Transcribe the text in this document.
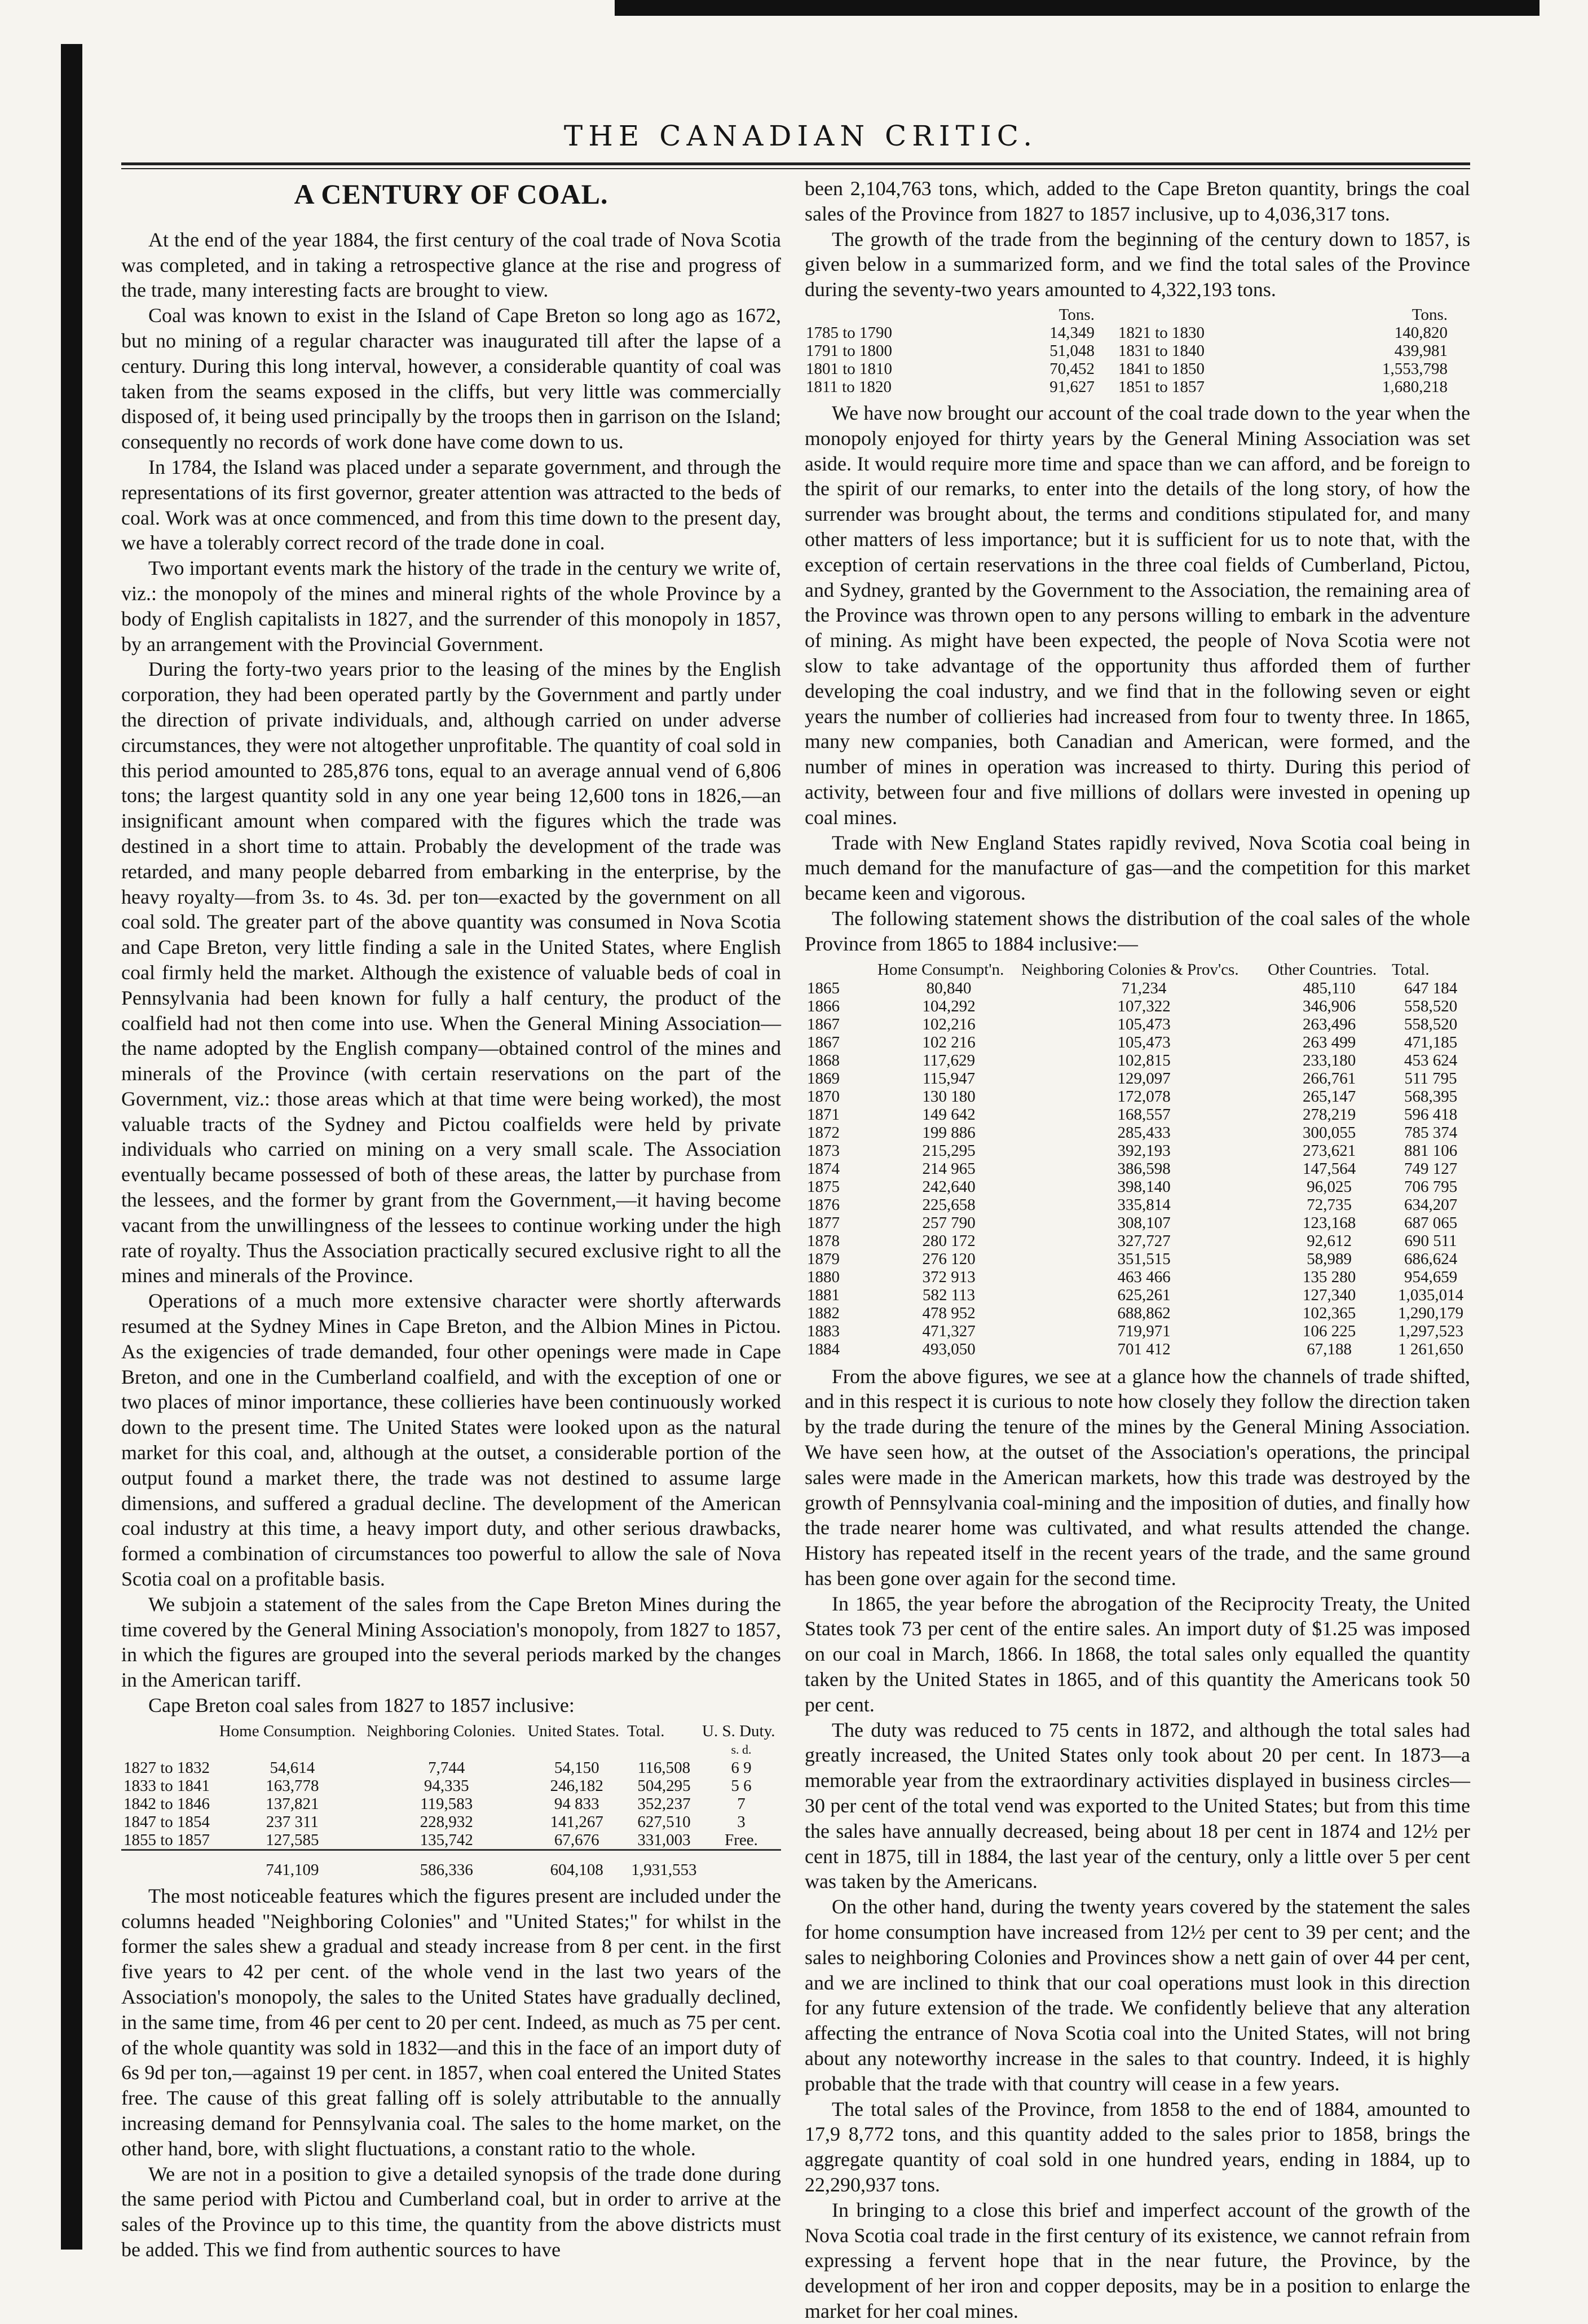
THE CANADIAN CRITIC.
A CENTURY OF COAL.

At the end of the year 1884, the first century of the coal trade of Nova Scotia was completed, and in taking a retrospective glance at the rise and progress of the trade, many interesting facts are brought to view.

Coal was known to exist in the Island of Cape Breton so long ago as 1672, but no mining of a regular character was inaugurated till after the lapse of a century. During this long interval, however, a considerable quantity of coal was taken from the seams exposed in the cliffs, but very little was commercially disposed of, it being used principally by the troops then in garrison on the Island; consequently no records of work done have come down to us.

In 1784, the Island was placed under a separate government, and through the representations of its first governor, greater attention was attracted to the beds of coal. Work was at once commenced, and from this time down to the present day, we have a tolerably correct record of the trade done in coal.

Two important events mark the history of the trade in the century we write of, viz.: the monopoly of the mines and mineral rights of the whole Province by a body of English capitalists in 1827, and the surrender of this monopoly in 1857, by an arrangement with the Provincial Government.

During the forty-two years prior to the leasing of the mines by the English corporation, they had been operated partly by the Government and partly under the direction of private individuals, and, although carried on under adverse circumstances, they were not altogether unprofitable. The quantity of coal sold in this period amounted to 285,876 tons, equal to an average annual vend of 6,806 tons; the largest quantity sold in any one year being 12,600 tons in 1826,—an insignificant amount when compared with the figures which the trade was destined in a short time to attain. Probably the development of the trade was retarded, and many people debarred from embarking in the enterprise, by the heavy royalty—from 3s. to 4s. 3d. per ton—exacted by the government on all coal sold. The greater part of the above quantity was consumed in Nova Scotia and Cape Breton, very little finding a sale in the United States, where English coal firmly held the market. Although the existence of valuable beds of coal in Pennsylvania had been known for fully a half century, the product of the coalfield had not then come into use. When the General Mining Association—the name adopted by the English company—obtained control of the mines and minerals of the Province (with certain reservations on the part of the Government, viz.: those areas which at that time were being worked), the most valuable tracts of the Sydney and Pictou coalfields were held by private individuals who carried on mining on a very small scale. The Association eventually became possessed of both of these areas, the latter by purchase from the lessees, and the former by grant from the Government,—it having become vacant from the unwillingness of the lessees to continue working under the high rate of royalty. Thus the Association practically secured exclusive right to all the mines and minerals of the Province.

Operations of a much more extensive character were shortly afterwards resumed at the Sydney Mines in Cape Breton, and the Albion Mines in Pictou. As the exigencies of trade demanded, four other openings were made in Cape Breton, and one in the Cumberland coalfield, and with the exception of one or two places of minor importance, these collieries have been continuously worked down to the present time. The United States were looked upon as the natural market for this coal, and, although at the outset, a considerable portion of the output found a market there, the trade was not destined to assume large dimensions, and suffered a gradual decline. The development of the American coal industry at this time, a heavy import duty, and other serious drawbacks, formed a combination of circumstances too powerful to allow the sale of Nova Scotia coal on a profitable basis.

We subjoin a statement of the sales from the Cape Breton Mines during the time covered by the General Mining Association's monopoly, from 1827 to 1857, in which the figures are grouped into the several periods marked by the changes in the American tariff.

Cape Breton coal sales from 1827 to 1857 inclusive:

	Home Consumption.	Neighboring Colonies.	United States.	Total.	U. S. Duty.
					s. d.
1827 to 1832	54,614	7,744	54,150	116,508	6 9
1833 to 1841	163,778	94,335	246,182	504,295	5 6
1842 to 1846	137,821	119,583	94 833	352,237	7
1847 to 1854	237 311	228,932	141,267	627,510	3
1855 to 1857	127,585	135,742	67,676	331,003	Free.
	741,109	586,336	604,108	1,931,553	

The most noticeable features which the figures present are included under the columns headed "Neighboring Colonies" and "United States;" for whilst in the former the sales shew a gradual and steady increase from 8 per cent. in the first five years to 42 per cent. of the whole vend in the last two years of the Association's monopoly, the sales to the United States have gradually declined, in the same time, from 46 per cent to 20 per cent. Indeed, as much as 75 per cent. of the whole quantity was sold in 1832—and this in the face of an import duty of 6s 9d per ton,—against 19 per cent. in 1857, when coal entered the United States free. The cause of this great falling off is solely attributable to the annually increasing demand for Pennsylvania coal. The sales to the home market, on the other hand, bore, with slight fluctuations, a constant ratio to the whole.

We are not in a position to give a detailed synopsis of the trade done during the same period with Pictou and Cumberland coal, but in order to arrive at the sales of the Province up to this time, the quantity from the above districts must be added. This we find from authentic sources to have

been 2,104,763 tons, which, added to the Cape Breton quantity, brings the coal sales of the Province from 1827 to 1857 inclusive, up to 4,036,317 tons.

The growth of the trade from the beginning of the century down to 1857, is given below in a summarized form, and we find the total sales of the Province during the seventy-two years amounted to 4,322,193 tons.

	Tons.		Tons.
1785 to 1790	14,349	1821 to 1830	140,820
1791 to 1800	51,048	1831 to 1840	439,981
1801 to 1810	70,452	1841 to 1850	1,553,798
1811 to 1820	91,627	1851 to 1857	1,680,218

We have now brought our account of the coal trade down to the year when the monopoly enjoyed for thirty years by the General Mining Association was set aside. It would require more time and space than we can afford, and be foreign to the spirit of our remarks, to enter into the details of the long story, of how the surrender was brought about, the terms and conditions stipulated for, and many other matters of less importance; but it is sufficient for us to note that, with the exception of certain reservations in the three coal fields of Cumberland, Pictou, and Sydney, granted by the Government to the Association, the remaining area of the Province was thrown open to any persons willing to embark in the adventure of mining. As might have been expected, the people of Nova Scotia were not slow to take advantage of the opportunity thus afforded them of further developing the coal industry, and we find that in the following seven or eight years the number of collieries had increased from four to twenty three. In 1865, many new companies, both Canadian and American, were formed, and the number of mines in operation was increased to thirty. During this period of activity, between four and five millions of dollars were invested in opening up coal mines.

Trade with New England States rapidly revived, Nova Scotia coal being in much demand for the manufacture of gas—and the competition for this market became keen and vigorous.

The following statement shows the distribution of the coal sales of the whole Province from 1865 to 1884 inclusive:—

	Home Consumpt'n.	Neighboring Colonies & Prov'cs.	Other Countries.	Total.
1865	80,840	71,234	485,110	647 184
1866	104,292	107,322	346,906	558,520
1867	102,216	105,473	263,496	558,520
1867	102 216	105,473	263 499	471,185
1868	117,629	102,815	233,180	453 624
1869	115,947	129,097	266,761	511 795
1870	130 180	172,078	265,147	568,395
1871	149 642	168,557	278,219	596 418
1872	199 886	285,433	300,055	785 374
1873	215,295	392,193	273,621	881 106
1874	214 965	386,598	147,564	749 127
1875	242,640	398,140	96,025	706 795
1876	225,658	335,814	72,735	634,207
1877	257 790	308,107	123,168	687 065
1878	280 172	327,727	92,612	690 511
1879	276 120	351,515	58,989	686,624
1880	372 913	463 466	135 280	954,659
1881	582 113	625,261	127,340	1,035,014
1882	478 952	688,862	102,365	1,290,179
1883	471,327	719,971	106 225	1,297,523
1884	493,050	701 412	67,188	1 261,650

From the above figures, we see at a glance how the channels of trade shifted, and in this respect it is curious to note how closely they follow the direction taken by the trade during the tenure of the mines by the General Mining Association. We have seen how, at the outset of the Association's operations, the principal sales were made in the American markets, how this trade was destroyed by the growth of Pennsylvania coal-mining and the imposition of duties, and finally how the trade nearer home was cultivated, and what results attended the change. History has repeated itself in the recent years of the trade, and the same ground has been gone over again for the second time.

In 1865, the year before the abrogation of the Reciprocity Treaty, the United States took 73 per cent of the entire sales. An import duty of $1.25 was imposed on our coal in March, 1866. In 1868, the total sales only equalled the quantity taken by the United States in 1865, and of this quantity the Americans took 50 per cent.

The duty was reduced to 75 cents in 1872, and although the total sales had greatly increased, the United States only took about 20 per cent. In 1873—a memorable year from the extraordinary activities displayed in business circles—30 per cent of the total vend was exported to the United States; but from this time the sales have annually decreased, being about 18 per cent in 1874 and 12½ per cent in 1875, till in 1884, the last year of the century, only a little over 5 per cent was taken by the Americans.

On the other hand, during the twenty years covered by the statement the sales for home consumption have increased from 12½ per cent to 39 per cent; and the sales to neighboring Colonies and Provinces show a nett gain of over 44 per cent, and we are inclined to think that our coal operations must look in this direction for any future extension of the trade. We confidently believe that any alteration affecting the entrance of Nova Scotia coal into the United States, will not bring about any noteworthy increase in the sales to that country. Indeed, it is highly probable that the trade with that country will cease in a few years.

The total sales of the Province, from 1858 to the end of 1884, amounted to 17,9 8,772 tons, and this quantity added to the sales prior to 1858, brings the aggregate quantity of coal sold in one hundred years, ending in 1884, up to 22,290,937 tons.

In bringing to a close this brief and imperfect account of the growth of the Nova Scotia coal trade in the first century of its existence, we cannot refrain from expressing a fervent hope that in the near future, the Province, by the development of her iron and copper deposits, may be in a position to enlarge the market for her coal mines.
